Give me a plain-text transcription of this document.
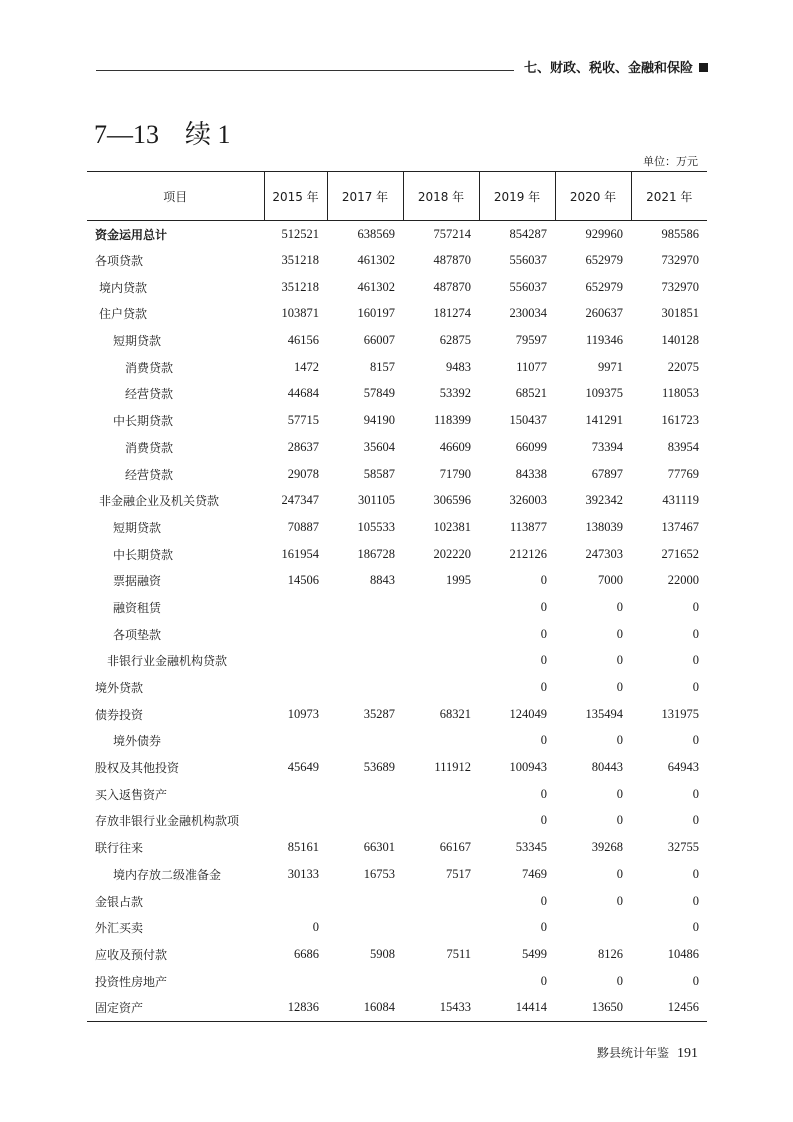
七、财政、税收、金融和保险
7—13　续 1
单位：万元
项目	2015 年	2017 年	2018 年	2019 年	2020 年	2021 年
资金运用总计	512521	638569	757214	854287	929960	985586
各项贷款	351218	461302	487870	556037	652979	732970
境内贷款	351218	461302	487870	556037	652979	732970
住户贷款	103871	160197	181274	230034	260637	301851
短期贷款	46156	66007	62875	79597	119346	140128
消费贷款	1472	8157	9483	11077	9971	22075
经营贷款	44684	57849	53392	68521	109375	118053
中长期贷款	57715	94190	118399	150437	141291	161723
消费贷款	28637	35604	46609	66099	73394	83954
经营贷款	29078	58587	71790	84338	67897	77769
非金融企业及机关贷款	247347	301105	306596	326003	392342	431119
短期贷款	70887	105533	102381	113877	138039	137467
中长期贷款	161954	186728	202220	212126	247303	271652
票据融资	14506	8843	1995	0	7000	22000
融资租赁				0	0	0
各项垫款				0	0	0
非银行业金融机构贷款				0	0	0
境外贷款				0	0	0
债券投资	10973	35287	68321	124049	135494	131975
境外债券				0	0	0
股权及其他投资	45649	53689	111912	100943	80443	64943
买入返售资产				0	0	0
存放非银行业金融机构款项				0	0	0
联行往来	85161	66301	66167	53345	39268	32755
境内存放二级准备金	30133	16753	7517	7469	0	0
金银占款				0	0	0
外汇买卖	0			0		0
应收及预付款	6686	5908	7511	5499	8126	10486
投资性房地产				0	0	0
固定资产	12836	16084	15433	14414	13650	12456
黟县统计年鉴 191
